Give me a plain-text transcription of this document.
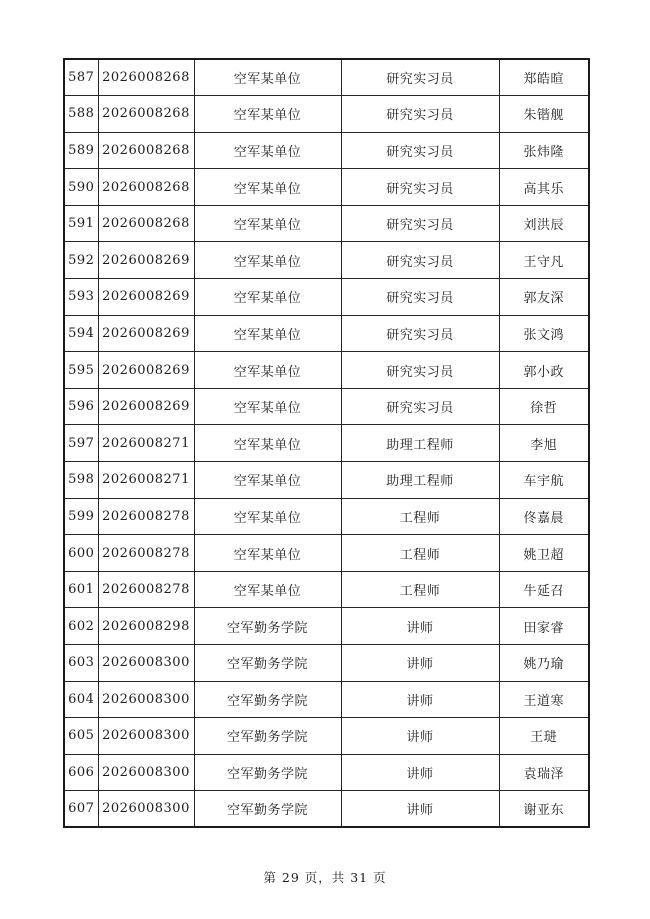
587	2026008268	空军某单位	研究实习员	郑皓暄
588	2026008268	空军某单位	研究实习员	朱锴舰
589	2026008268	空军某单位	研究实习员	张炜隆
590	2026008268	空军某单位	研究实习员	高其乐
591	2026008268	空军某单位	研究实习员	刘洪辰
592	2026008269	空军某单位	研究实习员	王守凡
593	2026008269	空军某单位	研究实习员	郭友深
594	2026008269	空军某单位	研究实习员	张文鸿
595	2026008269	空军某单位	研究实习员	郭小政
596	2026008269	空军某单位	研究实习员	徐哲
597	2026008271	空军某单位	助理工程师	李旭
598	2026008271	空军某单位	助理工程师	车宇航
599	2026008278	空军某单位	工程师	佟嘉晨
600	2026008278	空军某单位	工程师	姚卫超
601	2026008278	空军某单位	工程师	牛延召
602	2026008298	空军勤务学院	讲师	田家睿
603	2026008300	空军勤务学院	讲师	姚乃瑜
604	2026008300	空军勤务学院	讲师	王道寒
605	2026008300	空军勤务学院	讲师	王琎
606	2026008300	空军勤务学院	讲师	袁瑞泽
607	2026008300	空军勤务学院	讲师	谢亚东
第 29 页，共 31 页
